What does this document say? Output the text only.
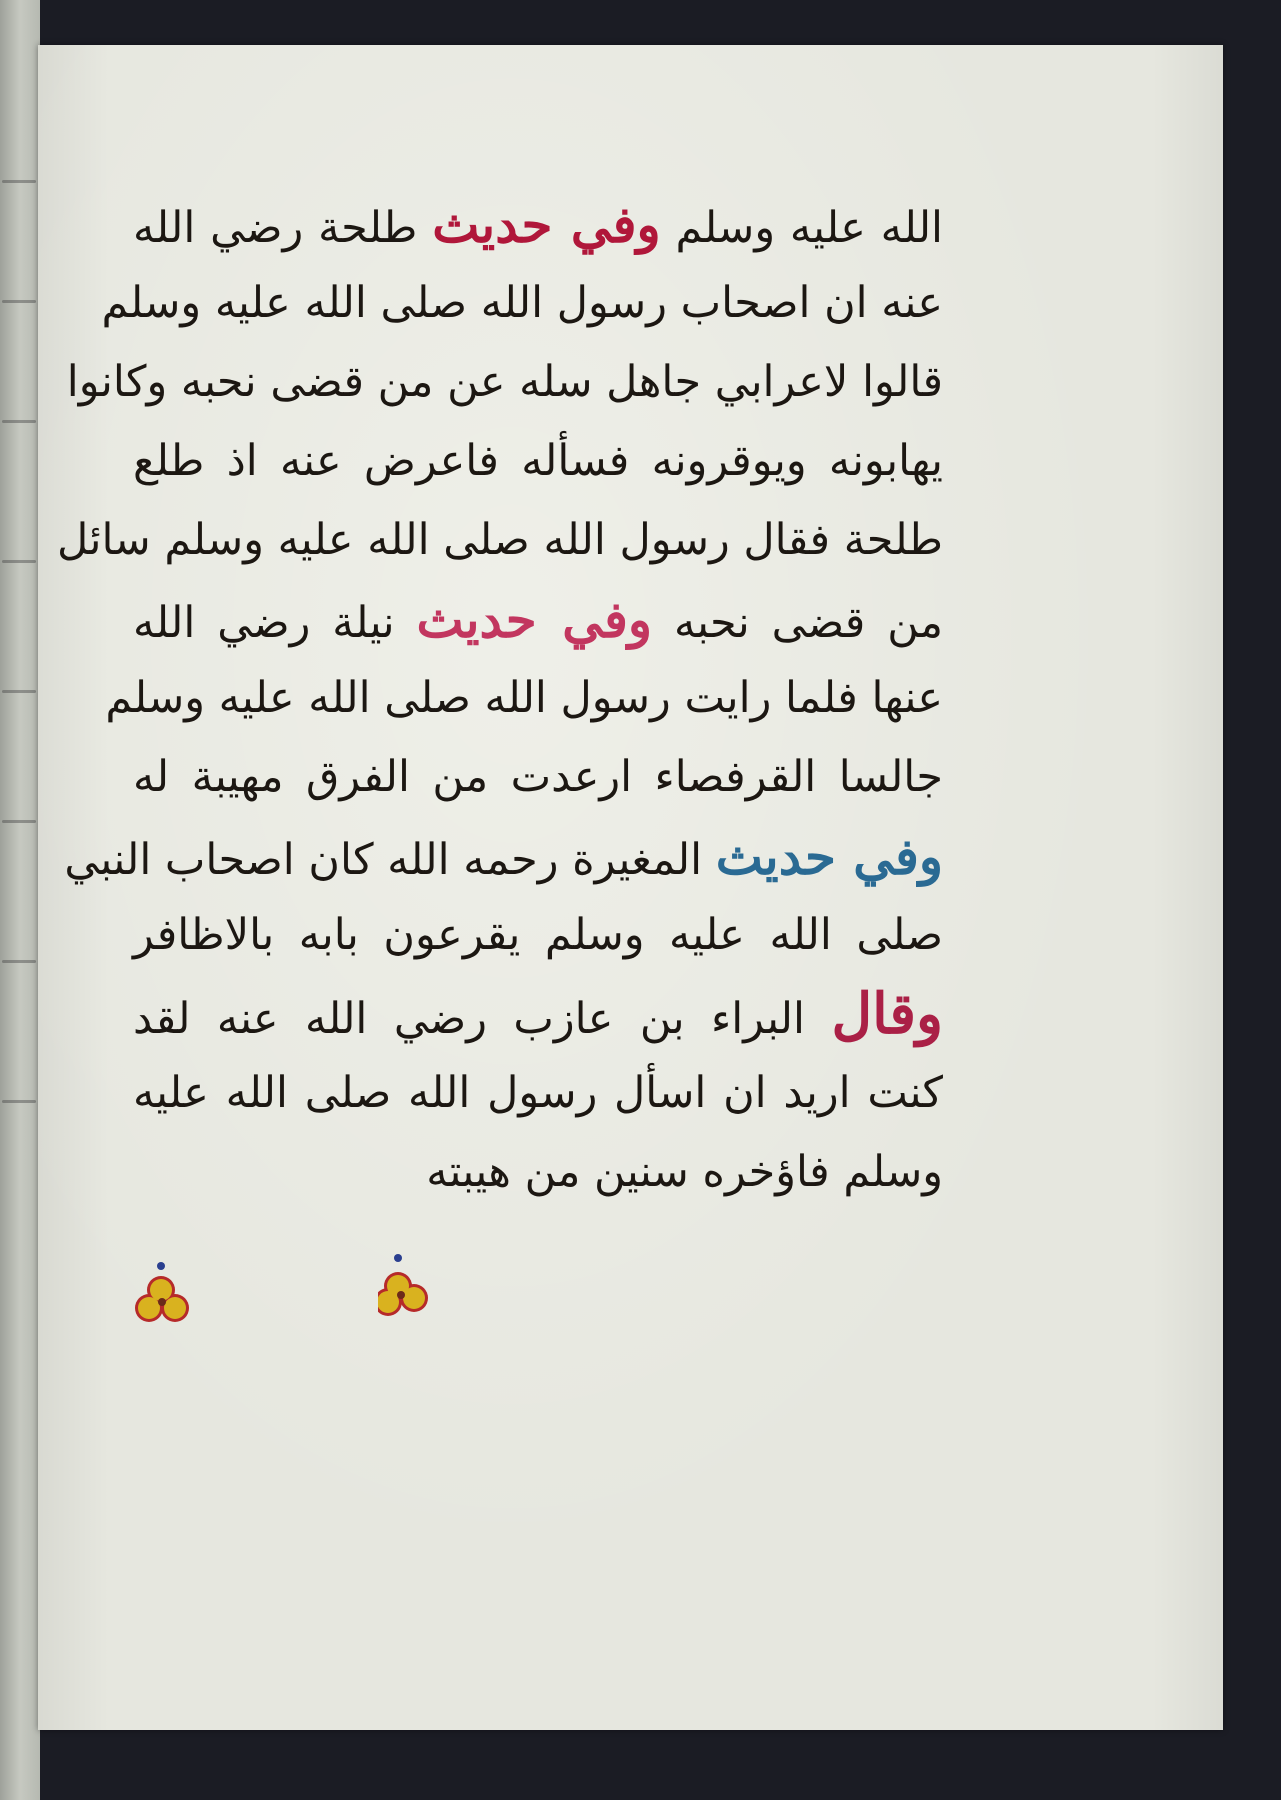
الله عليه وسلم وفي حديث طلحة رضي الله
عنه ان اصحاب رسول الله صلى الله عليه وسلم
قالوا لاعرابي جاهل سله عن من قضى نحبه وكانوا
يهابونه ويوقرونه فسأله فاعرض عنه اذ طلع
طلحة فقال رسول الله صلى الله عليه وسلم سائل
من قضى نحبه وفي حديث نيلة رضي الله
عنها فلما رايت رسول الله صلى الله عليه وسلم
جالسا القرفصاء ارعدت من الفرق مهيبة له
وفي حديث المغيرة رحمه الله كان اصحاب النبي
صلى الله عليه وسلم يقرعون بابه بالاظافر
وقال البراء بن عازب رضي الله عنه لقد
كنت اريد ان اسأل رسول الله صلى الله عليه
وسلم فاؤخره سنين من هيبته
